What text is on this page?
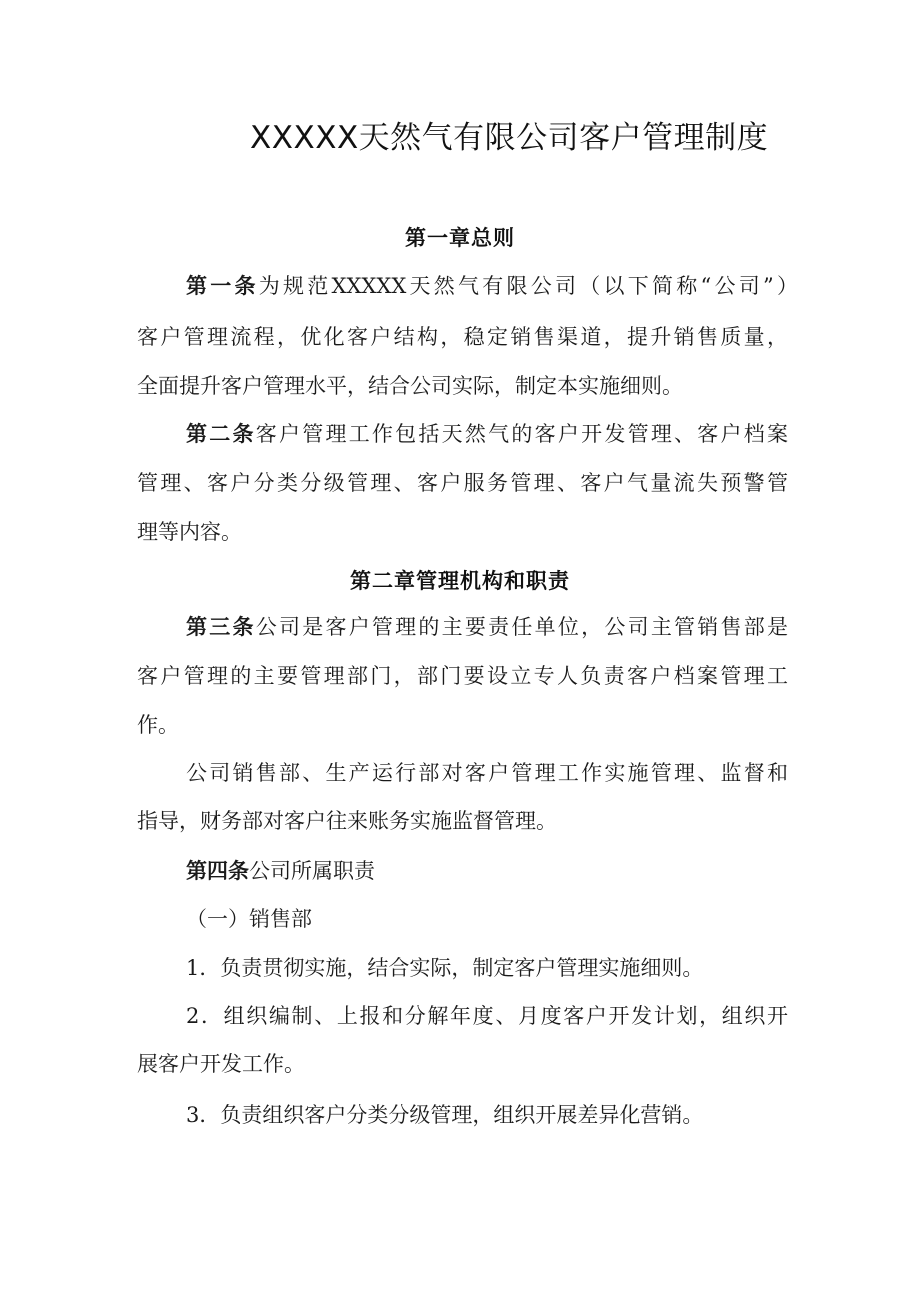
XXXXX天然气有限公司客户管理制度
第一章总则
第一条为规范XXXXX天然气有限公司（以下简称“公司”）
客户管理流程，优化客户结构，稳定销售渠道，提升销售质量，
全面提升客户管理水平，结合公司实际，制定本实施细则。
第二条客户管理工作包括天然气的客户开发管理、客户档案
管理、客户分类分级管理、客户服务管理、客户气量流失预警管
理等内容。
第二章管理机构和职责
第三条公司是客户管理的主要责任单位，公司主管销售部是
客户管理的主要管理部门，部门要设立专人负责客户档案管理工
作。
公司销售部、生产运行部对客户管理工作实施管理、监督和
指导，财务部对客户往来账务实施监督管理。
第四条公司所属职责
（一）销售部
1．负责贯彻实施，结合实际，制定客户管理实施细则。
2．组织编制、上报和分解年度、月度客户开发计划，组织开
展客户开发工作。
3．负责组织客户分类分级管理，组织开展差异化营销。
